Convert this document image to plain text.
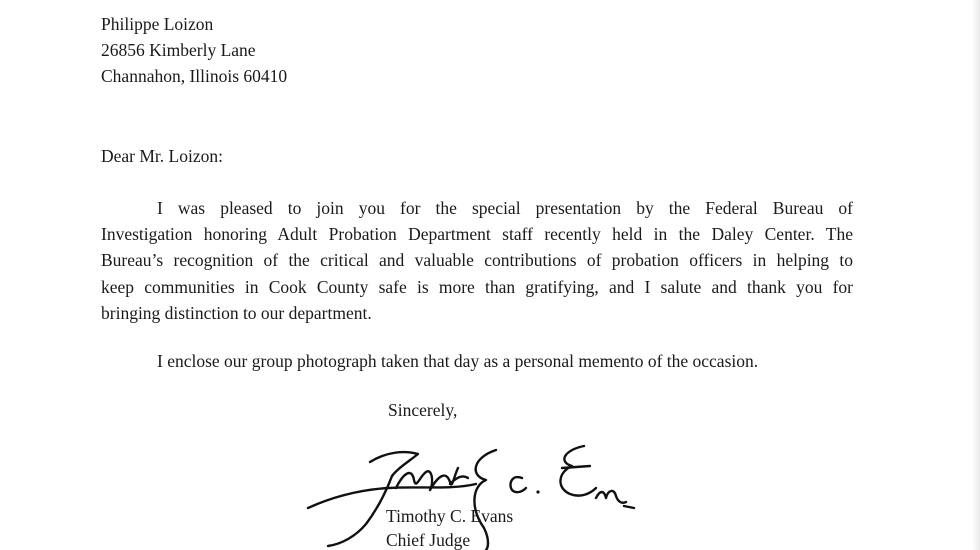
Philippe Loizon
26856 Kimberly Lane
Channahon, Illinois 60410
Dear Mr. Loizon:
I was pleased to join you for the special presentation by the Federal Bureau of
Investigation honoring Adult Probation Department staff recently held in the Daley Center. The
Bureau’s recognition of the critical and valuable contributions of probation officers in helping to
keep communities in Cook County safe is more than gratifying, and I salute and thank you for
bringing distinction to our department.
I enclose our group photograph taken that day as a personal memento of the occasion.
Sincerely,
Timothy C. Evans
Chief Judge
